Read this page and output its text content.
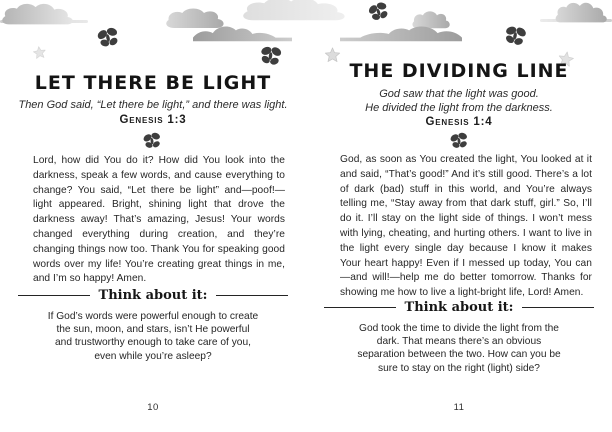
LET THERE BE LIGHT
Then God said, “Let there be light,” and there was light.
Genesis 1:3
Lord, how did You do it? How did You look into the darkness, speak a few words, and cause everything to change? You said, “Let there be light” and—poof!—light appeared. Bright, shining light that drove the darkness away! That’s amazing, Jesus! Your words changed everything during creation, and they’re changing things now too. Thank You for speaking good words over my life! You’re creating great things in me, and I’m so happy! Amen.
Think about it:
If God’s words were powerful enough to create the sun, moon, and stars, isn’t He powerful and trustworthy enough to take care of you, even while you’re asleep?
10
THE DIVIDING LINE
God saw that the light was good.
He divided the light from the darkness.
Genesis 1:4
God, as soon as You created the light, You looked at it and said, “That’s good!” And it’s still good. There’s a lot of dark (bad) stuff in this world, and You’re always telling me, “Stay away from that dark stuff, girl.” So, I’ll do it. I’ll stay on the light side of things. I won’t mess with lying, cheating, and hurting others. I want to live in the light every single day because I know it makes Your heart happy! Even if I messed up today, You can—and will!—help me do better tomorrow. Thanks for showing me how to live a light-bright life, Lord! Amen.
Think about it:
God took the time to divide the light from the dark. That means there’s an obvious separation between the two. How can you be sure to stay on the right (light) side?
11
